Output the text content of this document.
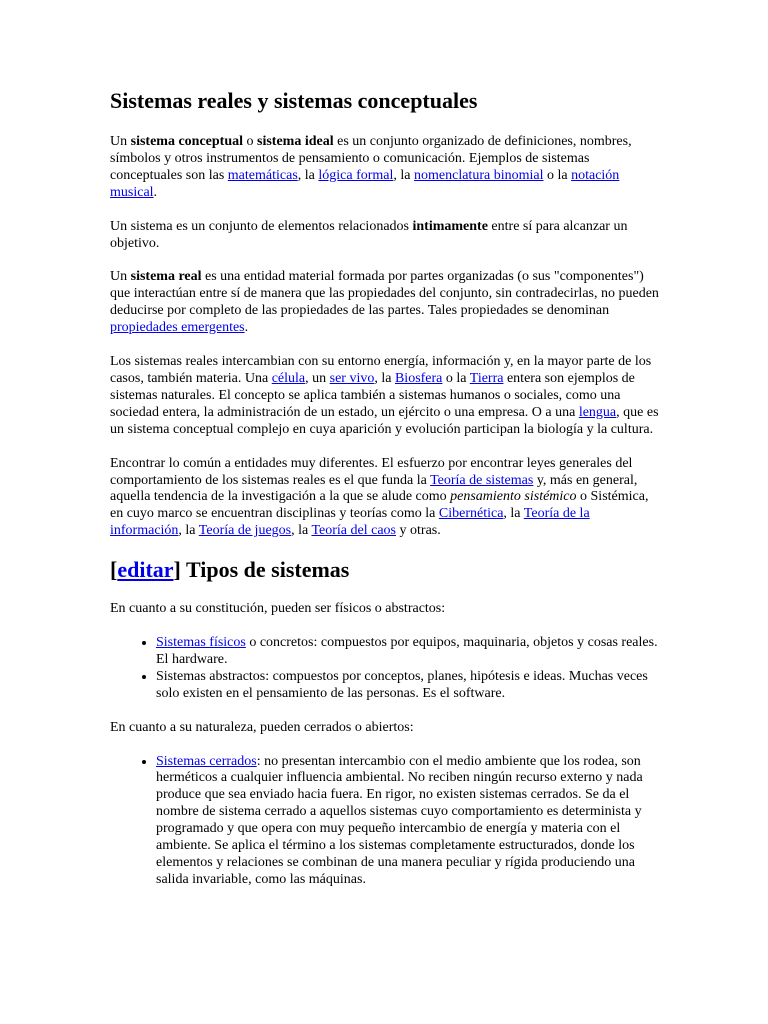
Sistemas reales y sistemas conceptuales

Un sistema conceptual o sistema ideal es un conjunto organizado de definiciones, nombres, símbolos y otros instrumentos de pensamiento o comunicación. Ejemplos de sistemas conceptuales son las matemáticas, la lógica formal, la nomenclatura binomial o la notación musical.

Un sistema es un conjunto de elementos relacionados intimamente entre sí para alcanzar un objetivo.

Un sistema real es una entidad material formada por partes organizadas (o sus "componentes") que interactúan entre sí de manera que las propiedades del conjunto, sin contradecirlas, no pueden deducirse por completo de las propiedades de las partes. Tales propiedades se denominan propiedades emergentes.

Los sistemas reales intercambian con su entorno energía, información y, en la mayor parte de los casos, también materia. Una célula, un ser vivo, la Biosfera o la Tierra entera son ejemplos de sistemas naturales. El concepto se aplica también a sistemas humanos o sociales, como una sociedad entera, la administración de un estado, un ejército o una empresa. O a una lengua, que es un sistema conceptual complejo en cuya aparición y evolución participan la biología y la cultura.

Encontrar lo común a entidades muy diferentes. El esfuerzo por encontrar leyes generales del comportamiento de los sistemas reales es el que funda la Teoría de sistemas y, más en general, aquella tendencia de la investigación a la que se alude como pensamiento sistémico o Sistémica, en cuyo marco se encuentran disciplinas y teorías como la Cibernética, la Teoría de la información, la Teoría de juegos, la Teoría del caos y otras.

[editar] Tipos de sistemas

En cuanto a su constitución, pueden ser físicos o abstractos:

• Sistemas físicos o concretos: compuestos por equipos, maquinaria, objetos y cosas reales. El hardware.
• Sistemas abstractos: compuestos por conceptos, planes, hipótesis e ideas. Muchas veces solo existen en el pensamiento de las personas. Es el software.

En cuanto a su naturaleza, pueden cerrados o abiertos:

• Sistemas cerrados: no presentan intercambio con el medio ambiente que los rodea, son herméticos a cualquier influencia ambiental. No reciben ningún recurso externo y nada produce que sea enviado hacia fuera. En rigor, no existen sistemas cerrados. Se da el nombre de sistema cerrado a aquellos sistemas cuyo comportamiento es determinista y programado y que opera con muy pequeño intercambio de energía y materia con el ambiente. Se aplica el término a los sistemas completamente estructurados, donde los elementos y relaciones se combinan de una manera peculiar y rígida produciendo una salida invariable, como las máquinas.
